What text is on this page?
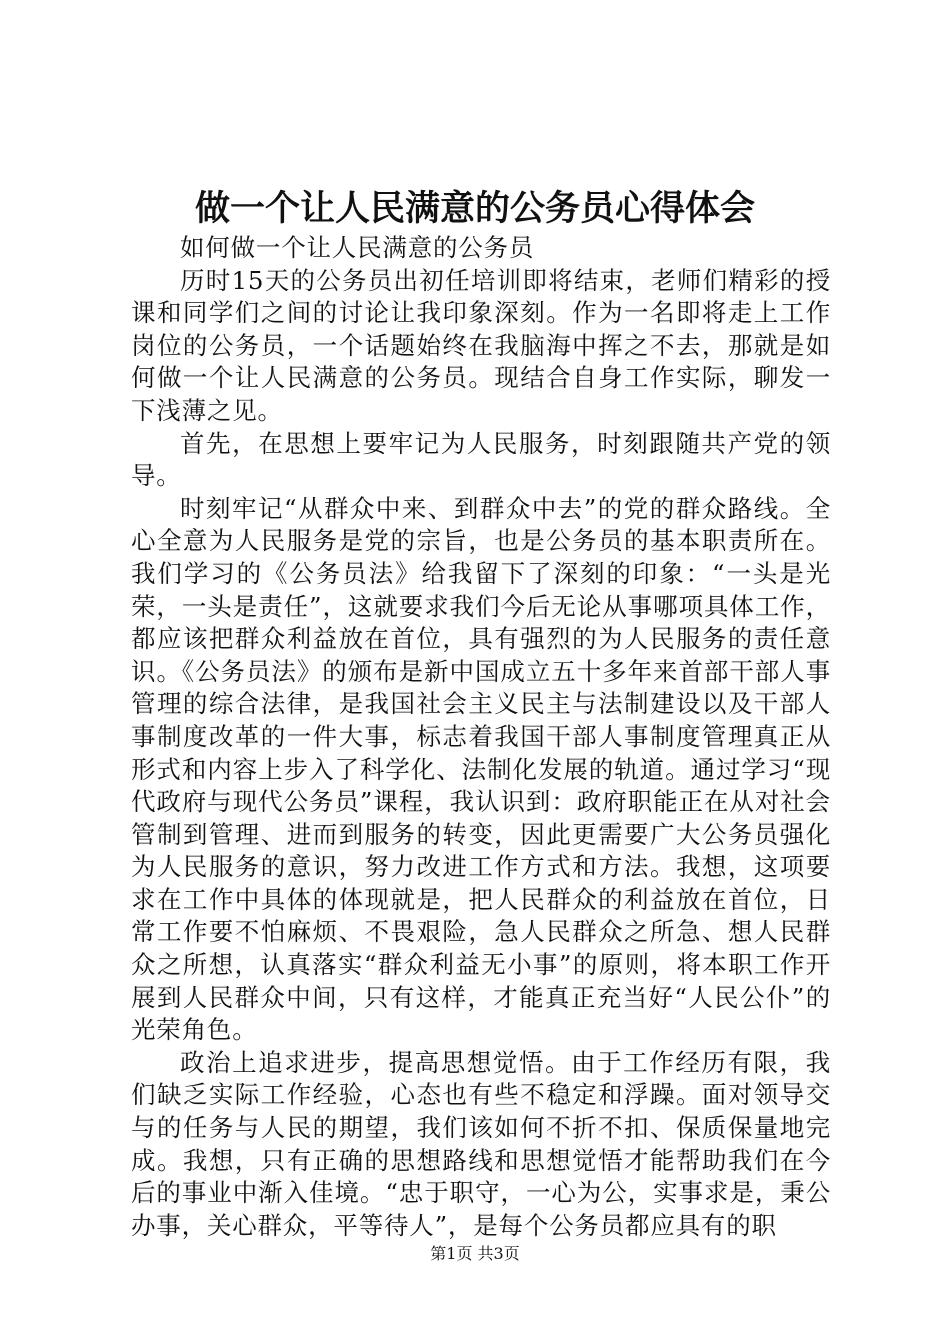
做一个让人民满意的公务员心得体会

如何做一个让人民满意的公务员

历时15天的公务员出初任培训即将结束，老师们精彩的授课和同学们之间的讨论让我印象深刻。作为一名即将走上工作岗位的公务员，一个话题始终在我脑海中挥之不去，那就是如何做一个让人民满意的公务员。现结合自身工作实际，聊发一下浅薄之见。

首先，在思想上要牢记为人民服务，时刻跟随共产党的领导。

时刻牢记“从群众中来、到群众中去”的党的群众路线。全心全意为人民服务是党的宗旨，也是公务员的基本职责所在。我们学习的《公务员法》给我留下了深刻的印象：“一头是光荣，一头是责任”，这就要求我们今后无论从事哪项具体工作，都应该把群众利益放在首位，具有强烈的为人民服务的责任意识。《公务员法》的颁布是新中国成立五十多年来首部干部人事管理的综合法律，是我国社会主义民主与法制建设以及干部人事制度改革的一件大事，标志着我国干部人事制度管理真正从形式和内容上步入了科学化、法制化发展的轨道。通过学习“现代政府与现代公务员”课程，我认识到：政府职能正在从对社会管制到管理、进而到服务的转变，因此更需要广大公务员强化为人民服务的意识，努力改进工作方式和方法。我想，这项要求在工作中具体的体现就是，把人民群众的利益放在首位，日常工作要不怕麻烦、不畏艰险，急人民群众之所急、想人民群众之所想，认真落实“群众利益无小事”的原则，将本职工作开展到人民群众中间，只有这样，才能真正充当好“人民公仆”的光荣角色。

政治上追求进步，提高思想觉悟。由于工作经历有限，我们缺乏实际工作经验，心态也有些不稳定和浮躁。面对领导交与的任务与人民的期望，我们该如何不折不扣、保质保量地完成。我想，只有正确的思想路线和思想觉悟才能帮助我们在今后的事业中渐入佳境。“忠于职守，一心为公，实事求是，秉公办事，关心群众，平等待人”，是每个公务员都应具有的职

第1页 共3页
